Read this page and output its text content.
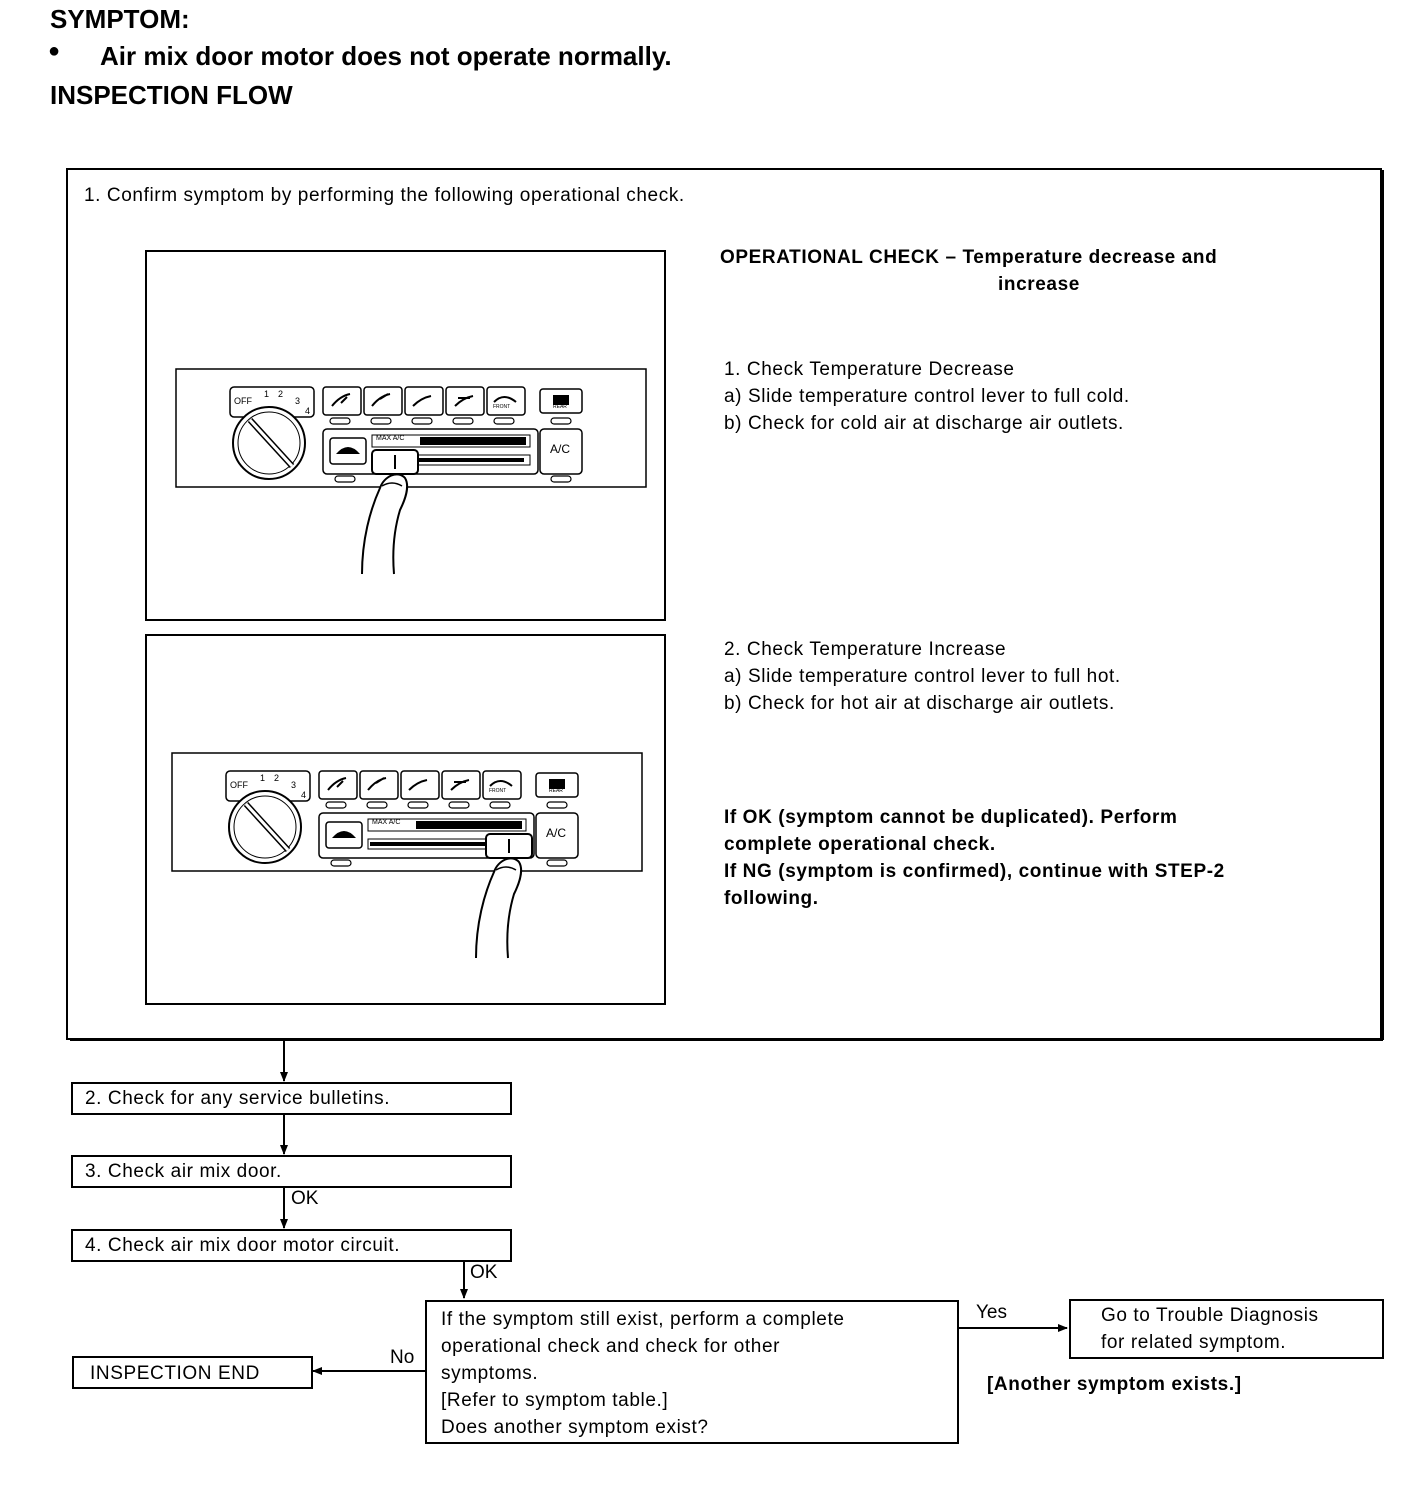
SYMPTOM:
● Air mix door motor does not operate normally.
INSPECTION FLOW
1. Confirm symptom by performing the following operational check.
OPERATIONAL CHECK – Temperature decrease and
increase
1. Check Temperature Decrease
a) Slide temperature control lever to full cold.
b) Check for cold air at discharge air outlets.
2. Check Temperature Increase
a) Slide temperature control lever to full hot.
b) Check for hot air at discharge air outlets.
If OK (symptom cannot be duplicated). Perform
complete operational check.
If NG (symptom is confirmed), continue with STEP-2
following.
OFF
1 2
3
4
MAX A/C
A/C
FRONT	REAR
OFF
1 2
3
4
MAX A/C
A/C
FRONT	REAR
2. Check for any service bulletins.
3. Check air mix door.
4. Check air mix door motor circuit.
OK
OK
Yes
No
If the symptom still exist, perform a complete
operational check and check for other
symptoms.
[Refer to symptom table.]
Does another symptom exist?
INSPECTION END
Go to Trouble Diagnosis
for related symptom.
[Another symptom exists.]
